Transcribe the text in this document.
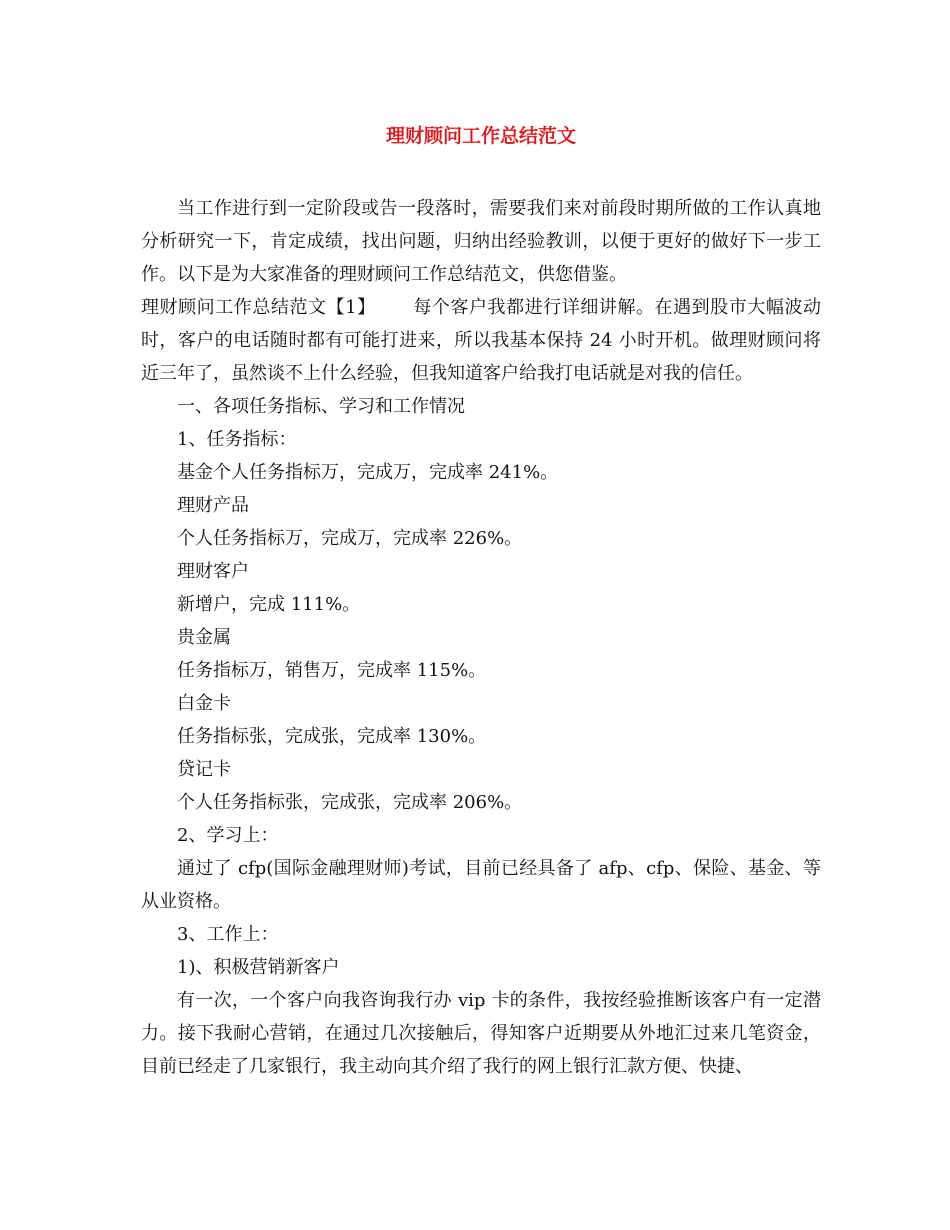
理财顾问工作总结范文

当工作进行到一定阶段或告一段落时，需要我们来对前段时期所做的工作认真地分析研究一下，肯定成绩，找出问题，归纳出经验教训，以便于更好的做好下一步工作。以下是为大家准备的理财顾问工作总结范文，供您借鉴。

理财顾问工作总结范文【1】      每个客户我都进行详细讲解。在遇到股市大幅波动时，客户的电话随时都有可能打进来，所以我基本保持 24 小时开机。做理财顾问将近三年了，虽然谈不上什么经验，但我知道客户给我打电话就是对我的信任。

一、各项任务指标、学习和工作情况

1、任务指标：

基金个人任务指标万，完成万，完成率 241%。

理财产品

个人任务指标万，完成万，完成率 226%。

理财客户

新增户，完成 111%。

贵金属

任务指标万，销售万，完成率 115%。

白金卡

任务指标张，完成张，完成率 130%。

贷记卡

个人任务指标张，完成张，完成率 206%。

2、学习上：

通过了 cfp(国际金融理财师)考试，目前已经具备了 afp、cfp、保险、基金、等从业资格。

3、工作上：

1)、积极营销新客户

有一次，一个客户向我咨询我行办 vip 卡的条件，我按经验推断该客户有一定潜力。接下我耐心营销，在通过几次接触后，得知客户近期要从外地汇过来几笔资金，目前已经走了几家银行，我主动向其介绍了我行的网上银行汇款方便、快捷、
